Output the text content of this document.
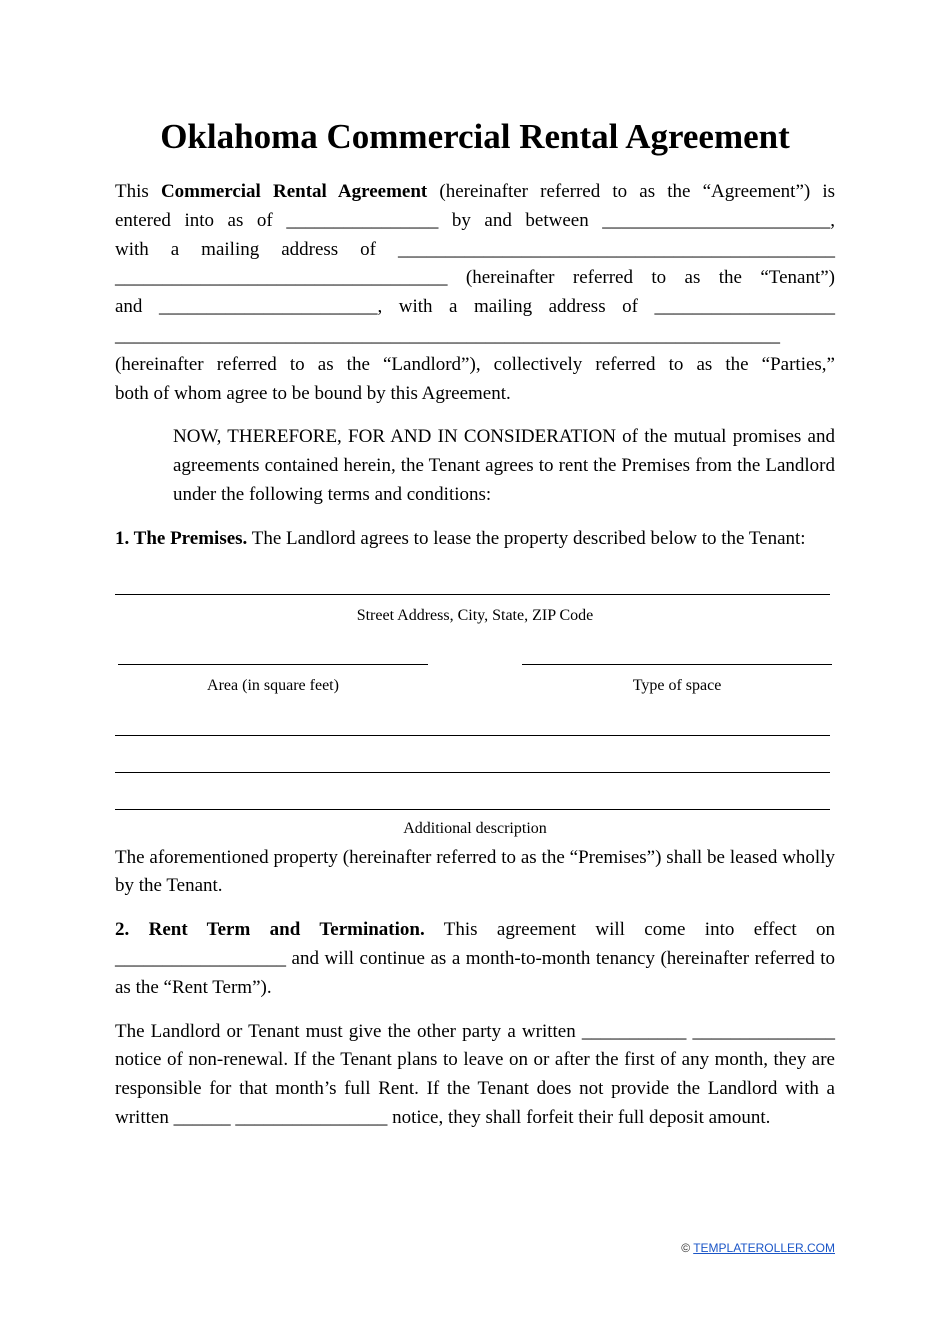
Oklahoma Commercial Rental Agreement
This Commercial Rental Agreement (hereinafter referred to as the “Agreement”) is
entered into as of ________________ by and between ________________________,
with a mailing address of ______________________________________________
___________________________________ (hereinafter referred to as the “Tenant”)
and _______________________, with a mailing address of ___________________
______________________________________________________________________
(hereinafter referred to as the “Landlord”), collectively referred to as the “Parties,”
both of whom agree to be bound by this Agreement.

NOW, THEREFORE, FOR AND IN CONSIDERATION of the mutual promises and agreements contained herein, the Tenant agrees to rent the Premises from the Landlord under the following terms and conditions:

1. The Premises. The Landlord agrees to lease the property described below to the Tenant:

Street Address, City, State, ZIP Code
Area (in square feet)	Type of space
Additional description

The aforementioned property (hereinafter referred to as the “Premises”) shall be leased wholly by the Tenant.

2. Rent Term and Termination. This agreement will come into effect on __________________ and will continue as a month-to-month tenancy (hereinafter referred to as the “Rent Term”).

The Landlord or Tenant must give the other party a written ___________ _______________ notice of non-renewal. If the Tenant plans to leave on or after the first of any month, they are responsible for that month’s full Rent. If the Tenant does not provide the Landlord with a written ______ ________________ notice, they shall forfeit their full deposit amount.

© TEMPLATEROLLER.COM
